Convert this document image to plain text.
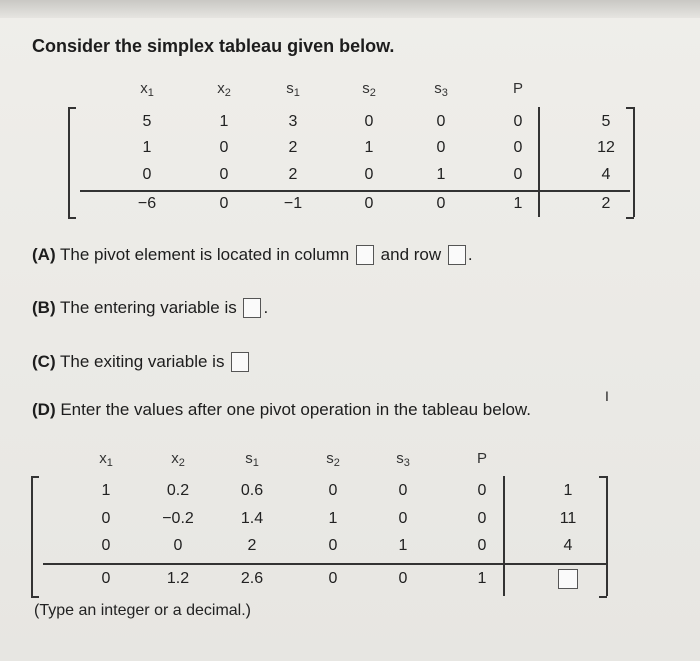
Consider the simplex tableau given below.
$x_1$	$x_2$	$s_1$	$s_2$	$s_3$	P
5	1	3	0	0	0	5
1	0	2	1	0	0	12
0	0	2	0	1	0	4
−6	0	−1	0	0	1	2
(A) The pivot element is located in column and row .
(B) The entering variable is .
(C) The exiting variable is
(D) Enter the values after one pivot operation in the tableau below.
I
$x_1$	$x_2$	$s_1$	$s_2$	$s_3$	P
1	0.2	0.6	0	0	0	1
0	−0.2	1.4	1	0	0	11
0	0	2	0	1	0	4
0	1.2	2.6	0	0	1
(Type an integer or a decimal.)
